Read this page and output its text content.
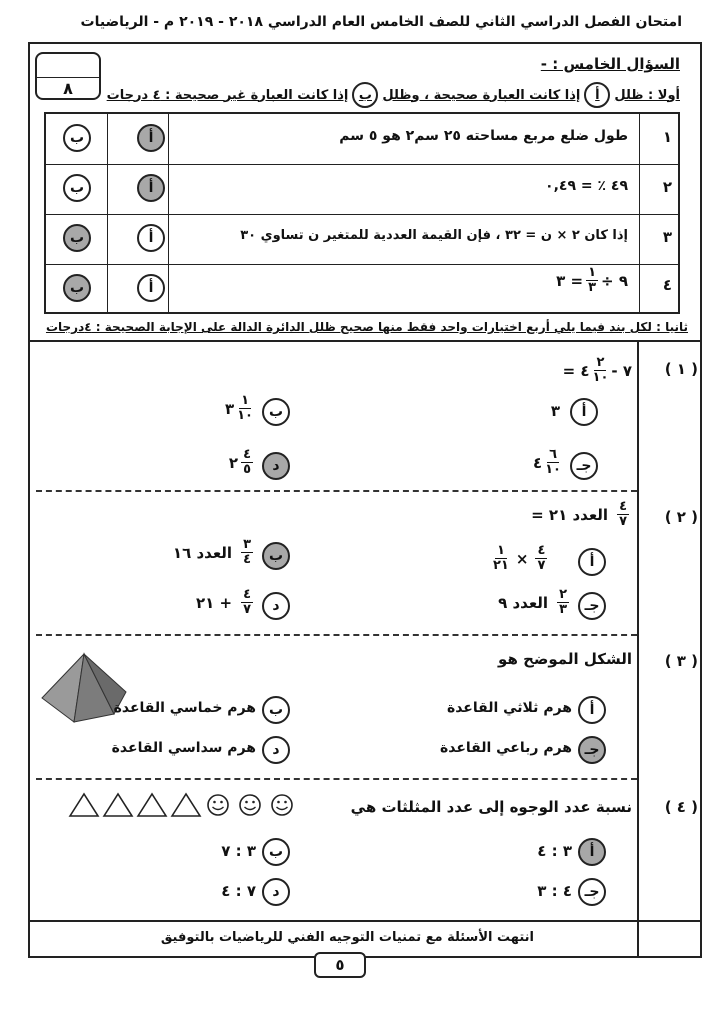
امتحان الفصل الدراسي الثاني للصف الخامس العام الدراسي ٢٠١٨ - ٢٠١٩ م - الرياضيات
٨
السؤال الخامس : -
أولا : ظلل
أ
إذا كانت العبارة صحيحة ، وظلل
ب
إذا كانت العبارة غير صحيحة : ٤ درجات
١
طول ضلع مربع مساحته ٢٥ سم٢ هو ٥ سم
أ
ب
٢
٤٩ ٪ = ٠,٤٩
أ
ب
٣
إذا كان ٢ × ن = ٣٢ ، فإن القيمة العددية للمتغير ن تساوي ٣٠
أ
ب
٤
٩ ÷
$\frac{١}{٣}$
= ٣
أ
ب
ثانيا : لكل بند فيما يلي أربع اختيارات واحد فقط منها صحيح ظلل الدائرة الدالة على الإجابة الصحيحة : ٤درجات
( ١ )
٧ -
$\frac{٢}{١٠}$
٤ =
أ
٣
ب
$\frac{١}{١٠}$
٣
جـ
$\frac{٦}{١٠}$
٤
د
$\frac{٤}{٥}$
٢
( ٢ )
$\frac{٤}{٧}$
العدد ٢١ =
أ
$\frac{١}{٢١} \times \frac{٤}{٧}$
ب
$\frac{٣}{٤}$
العدد ١٦
جـ
$\frac{٢}{٣}$
العدد ٩
د
$\frac{٤}{٧}$
+ ٢١
( ٣ )
الشكل الموضح هو
أ
هرم ثلاثي القاعدة
ب
هرم خماسي القاعدة
جـ
هرم رباعي القاعدة
د
هرم سداسي القاعدة
( ٤ )
نسبة عدد الوجوه إلى عدد المثلثات هي
أ
٣ : ٤
ب
٣ : ٧
جـ
٤ : ٣
د
٧ : ٤
انتهت الأسئلة مع تمنيات التوجيه الفني للرياضيات بالتوفيق
٥
